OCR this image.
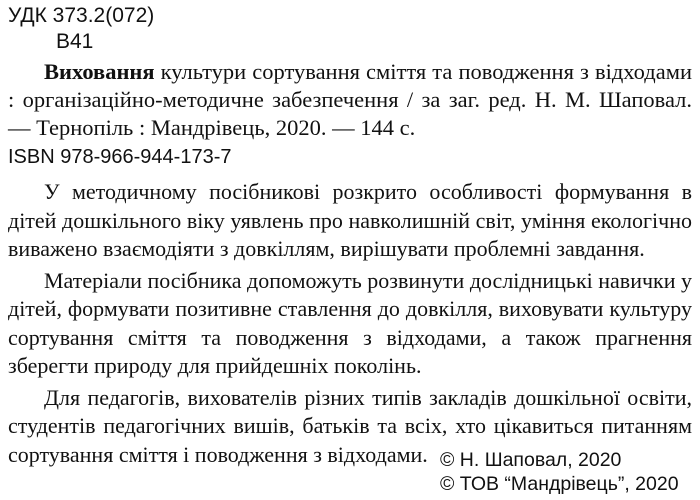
УДК 373.2(072)
В41

Виховання культури сортування сміття та поводження з відходами : організаційно-методичне забезпечення / за заг. ред. Н. М. Шаповал. — Тернопіль : Мандрівець, 2020. — 144 с.

ISBN 978-966-944-173-7

У методичному посібникові розкрито особливості формування в дітей дошкільного віку уявлень про навколишній світ, уміння екологічно виважено взаємодіяти з довкіллям, вирішувати проблемні завдання.

Матеріали посібника допоможуть розвинути дослідницькі навички у дітей, формувати позитивне ставлення до довкілля, виховувати культуру сортування сміття та поводження з відходами, а також прагнення зберегти природу для прийдешніх поколінь.

Для педагогів, вихователів різних типів закладів дошкільної освіти, студентів педагогічних вишів, батьків та всіх, хто цікавиться питанням сортування сміття і поводження з відходами. © Н. Шаповал, 2020
© ТОВ “Мандрівець”, 2020
